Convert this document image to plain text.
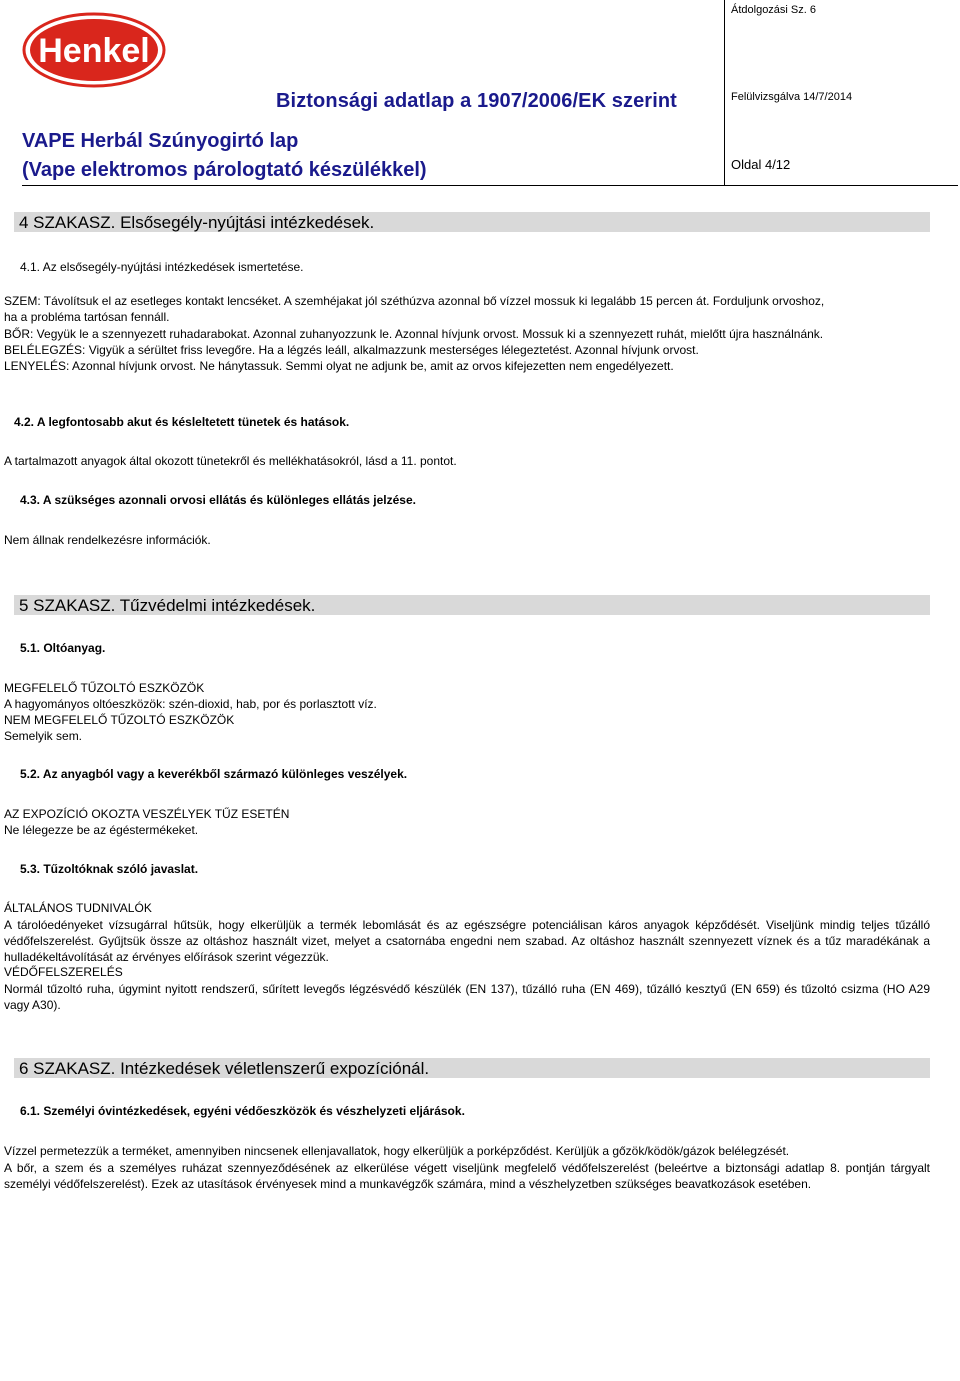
Henkel
Átdolgozási Sz. 6
Biztonsági adatlap a 1907/2006/EK szerint	Felülvizsgálva 14/7/2014
VAPE Herbál Szúnyogirtó lap
(Vape elektromos párologtató készülékkel)	Oldal 4/12
4 SZAKASZ. Elsősegély-nyújtási intézkedések.
4.1. Az elsősegély-nyújtási intézkedések ismertetése.
SZEM: Távolítsuk el az esetleges kontakt lencséket. A szemhéjakat jól széthúzva azonnal bő vízzel mossuk ki legalább 15 percen át. Forduljunk orvoshoz,
ha a probléma tartósan fennáll.
BŐR: Vegyük le a szennyezett ruhadarabokat. Azonnal zuhanyozzunk le. Azonnal hívjunk orvost. Mossuk ki a szennyezett ruhát, mielőtt újra használnánk.
BELÉLEGZÉS: Vigyük a sérültet friss levegőre. Ha a légzés leáll, alkalmazzunk mesterséges lélegeztetést. Azonnal hívjunk orvost.
LENYELÉS: Azonnal hívjunk orvost. Ne hánytassuk. Semmi olyat ne adjunk be, amit az orvos kifejezetten nem engedélyezett.
4.2. A legfontosabb akut és késleltetett tünetek és hatások.
A tartalmazott anyagok által okozott tünetekről és mellékhatásokról, lásd a 11. pontot.
4.3. A szükséges azonnali orvosi ellátás és különleges ellátás jelzése.
Nem állnak rendelkezésre információk.
5 SZAKASZ. Tűzvédelmi intézkedések.
5.1. Oltóanyag.
MEGFELELŐ TŰZOLTÓ ESZKÖZÖK
A hagyományos oltóeszközök: szén-dioxid, hab, por és porlasztott víz.
NEM MEGFELELŐ TŰZOLTÓ ESZKÖZÖK
Semelyik sem.
5.2. Az anyagból vagy a keverékből származó különleges veszélyek.
AZ EXPOZÍCIÓ OKOZTA VESZÉLYEK TŰZ ESETÉN
Ne lélegezze be az égéstermékeket.
5.3. Tűzoltóknak szóló javaslat.
ÁLTALÁNOS TUDNIVALÓK
A tárolóedényeket vízsugárral hűtsük, hogy elkerüljük a termék lebomlását és az egészségre potenciálisan káros anyagok képződését. Viseljünk mindig teljes tűzálló védőfelszerelést. Gyűjtsük össze az oltáshoz használt vizet, melyet a csatornába engedni nem szabad. Az oltáshoz használt szennyezett víznek és a tűz maradékának a hulladékeltávolítását az érvényes előírások szerint végezzük.
VÉDŐFELSZERELÉS
Normál tűzoltó ruha, úgymint nyitott rendszerű, sűrített levegős légzésvédő készülék (EN 137), tűzálló ruha (EN 469), tűzálló kesztyű (EN 659) és tűzoltó csizma (HO A29 vagy A30).
6 SZAKASZ. Intézkedések véletlenszerű expozíciónál.
6.1. Személyi óvintézkedések, egyéni védőeszközök és vészhelyzeti eljárások.
Vízzel permetezzük a terméket, amennyiben nincsenek ellenjavallatok, hogy elkerüljük a porképződést. Kerüljük a gőzök/ködök/gázok belélegzését.
A bőr, a szem és a személyes ruházat szennyeződésének az elkerülése végett viseljünk megfelelő védőfelszerelést (beleértve a biztonsági adatlap 8. pontján tárgyalt személyi védőfelszerelést). Ezek az utasítások érvényesek mind a munkavégzők számára, mind a vészhelyzetben szükséges beavatkozások esetében.
